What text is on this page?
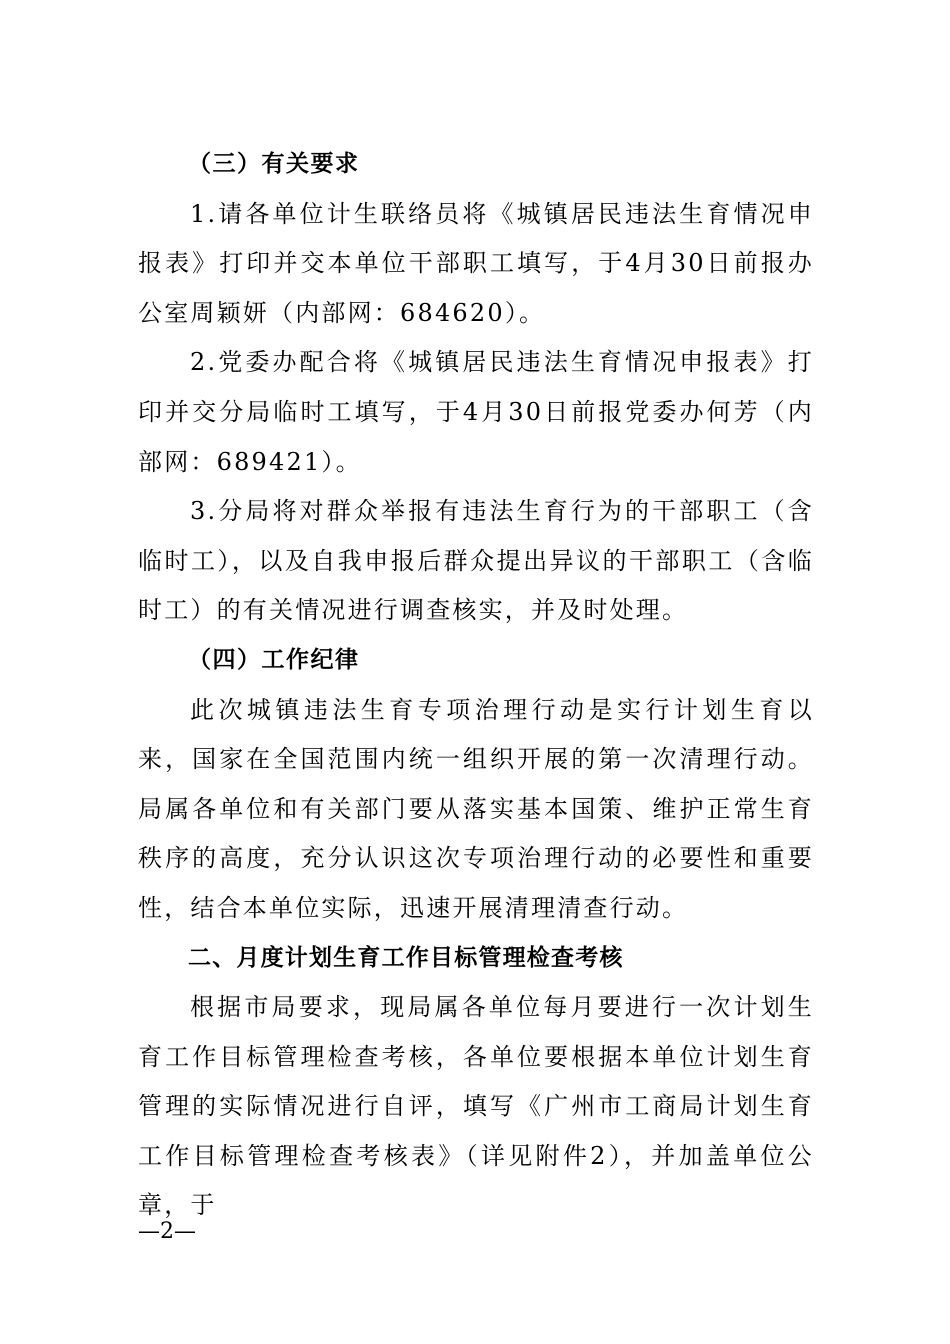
（三）有关要求

1.请各单位计生联络员将《城镇居民违法生育情况申报表》打印并交本单位干部职工填写，于4月30日前报办公室周颖妍（内部网：684620）。

2.党委办配合将《城镇居民违法生育情况申报表》打印并交分局临时工填写，于4月30日前报党委办何芳（内部网：689421）。

3.分局将对群众举报有违法生育行为的干部职工（含临时工），以及自我申报后群众提出异议的干部职工（含临时工）的有关情况进行调查核实，并及时处理。

（四）工作纪律

此次城镇违法生育专项治理行动是实行计划生育以来，国家在全国范围内统一组织开展的第一次清理行动。局属各单位和有关部门要从落实基本国策、维护正常生育秩序的高度，充分认识这次专项治理行动的必要性和重要性，结合本单位实际，迅速开展清理清查行动。

二、月度计划生育工作目标管理检查考核

根据市局要求，现局属各单位每月要进行一次计划生育工作目标管理检查考核，各单位要根据本单位计划生育管理的实际情况进行自评，填写《广州市工商局计划生育工作目标管理检查考核表》（详见附件2），并加盖单位公章，于

—2—
